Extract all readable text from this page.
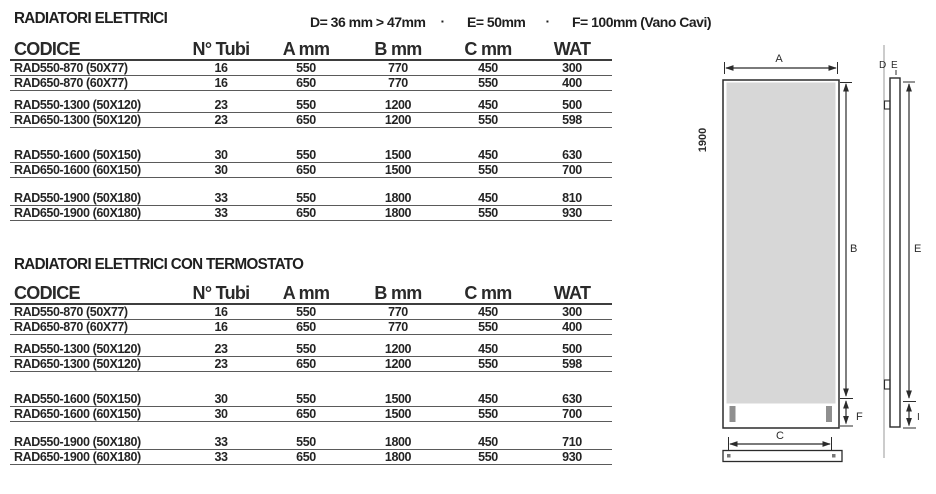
RADIATORI ELETTRICI	D= 36 mm > 47mm ▪ E= 50mm	▪ F= 100mm (Vano Cavi)
CODICE	N° Tubi	A mm	B mm	C mm	WAT
RAD550-870 (50X77)	16	550	770	450	300
RAD650-870 (60X77)	16	650	770	550	400
RAD550-1300 (50X120)	23	550	1200	450	500
RAD650-1300 (50X120)	23	650	1200	550	598
RAD550-1600 (50X150)	30	550	1500	450	630
RAD650-1600 (60X150)	30	650	1500	550	700
RAD550-1900 (50X180)	33	550	1800	450	810
RAD650-1900 (60X180)	33	650	1800	550	930
RADIATORI ELETTRICI CON TERMOSTATO
CODICE	N° Tubi	A mm	B mm	C mm	WAT
RAD550-870 (50X77)	16	550	770	450	300
RAD650-870 (60X77)	16	650	770	550	400
RAD550-1300 (50X120)	23	550	1200	450	500
RAD650-1300 (50X120)	23	650	1200	550	598
RAD550-1600 (50X150)	30	550	1500	450	630
RAD650-1600 (60X150)	30	650	1500	550	700
RAD550-1900 (50X180)	33	550	1800	450	710
RAD650-1900 (60X180)	33	650	1800	550	930
A
1900
B
F
C
D E
E
I
